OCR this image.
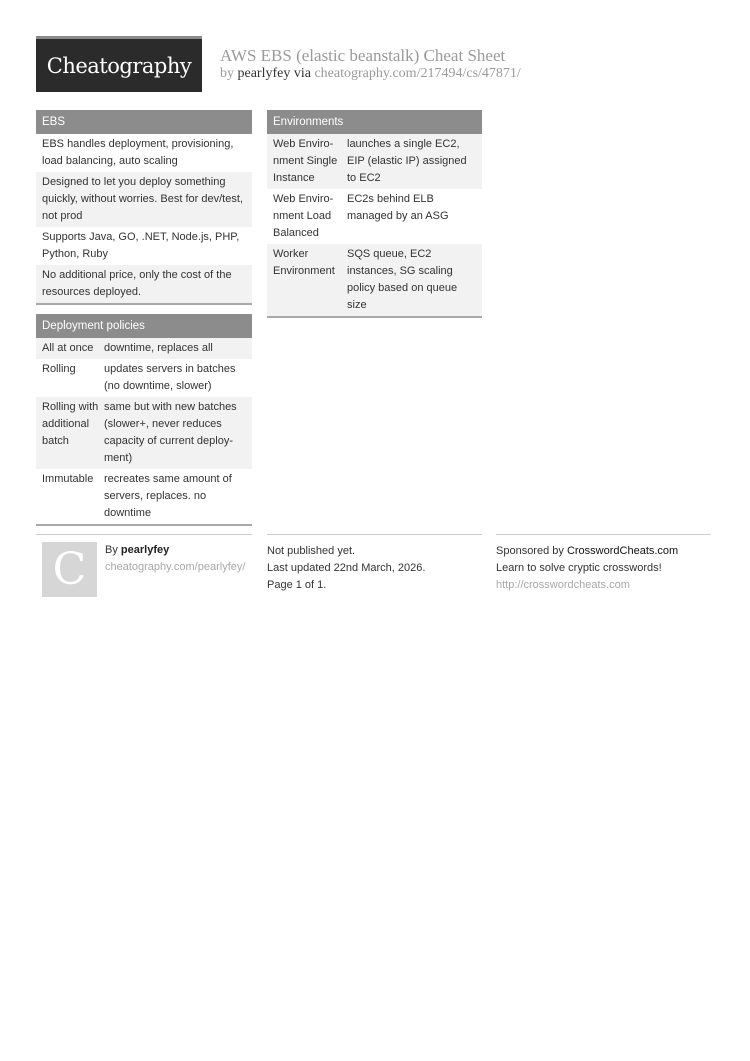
Cheatography AWS EBS (elastic beanstalk) Cheat Sheet
by pearlyfey via cheatography.com/217494/cs/47871/
EBS
EBS handles deployment, provisioning, load balancing, auto scaling
Designed to let you deploy something quickly, without worries. Best for dev/test, not prod
Supports Java, GO, .NET, Node.js, PHP, Python, Ruby
No additional price, only the cost of the resources deployed.
Deployment policies
All at once downtime, replaces all
Rolling	updates servers in batches (no downtime, slower)
Rolling with additional batch
same but with new batches (slower+, never reduces capacity of current deployment)
Immutable recreates same amount of servers, replaces. no downtime
Environments
Web Environment Single Instance
launches a single EC2, EIP (elastic IP) assigned to EC2
Web Environment Load Balanced
EC2s behind ELB managed by an ASG
Worker Environment
SQS queue, EC2 instances, SG scaling policy based on queue size
C By pearlyfey
cheatography.com/pearlyfey/
Not published yet.
Last updated 22nd March, 2026.
Page 1 of 1.
Sponsored by CrosswordCheats.com
Learn to solve cryptic crosswords!
http://crosswordcheats.com
